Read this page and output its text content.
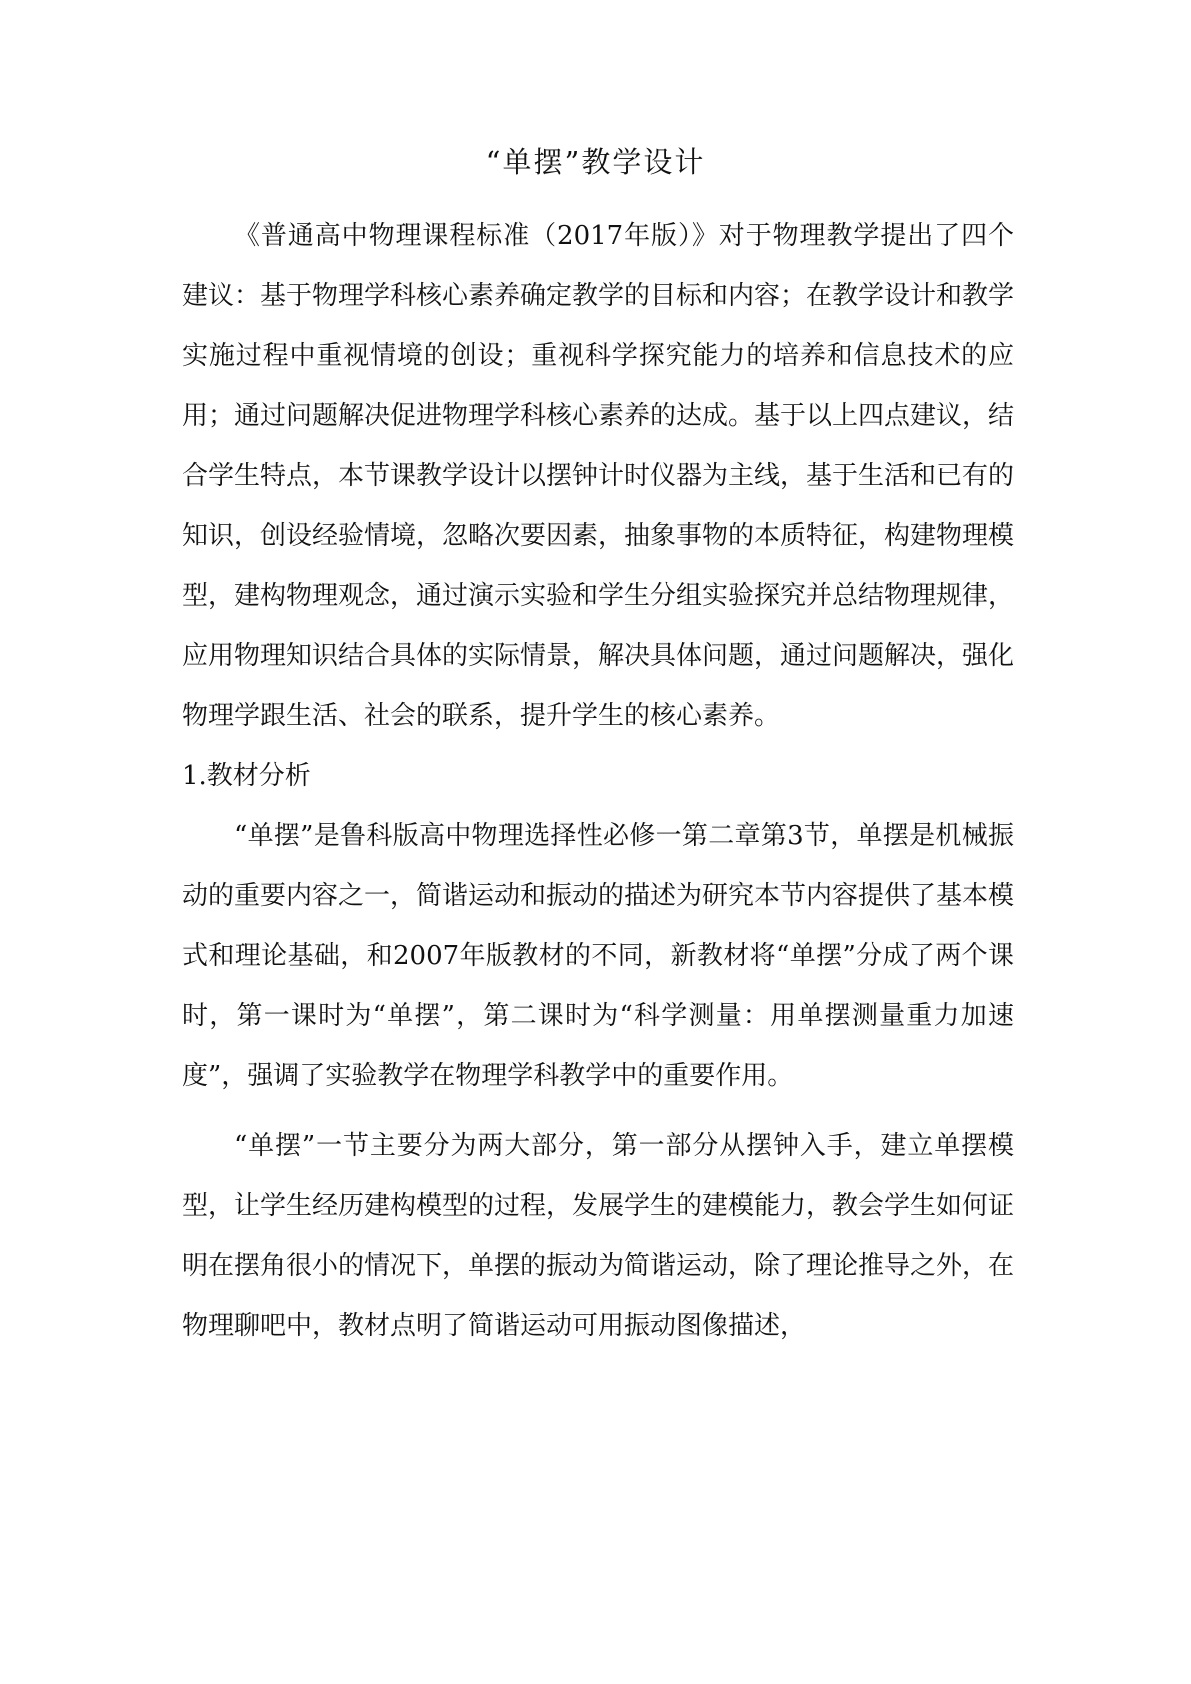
“单摆”教学设计

《普通高中物理课程标准（2017年版）》对于物理教学提出了四个建议：基于物理学科核心素养确定教学的目标和内容；在教学设计和教学实施过程中重视情境的创设；重视科学探究能力的培养和信息技术的应用；通过问题解决促进物理学科核心素养的达成。基于以上四点建议，结合学生特点，本节课教学设计以摆钟计时仪器为主线，基于生活和已有的知识，创设经验情境，忽略次要因素，抽象事物的本质特征，构建物理模型，建构物理观念，通过演示实验和学生分组实验探究并总结物理规律，应用物理知识结合具体的实际情景，解决具体问题，通过问题解决，强化物理学跟生活、社会的联系，提升学生的核心素养。

1.教材分析

“单摆”是鲁科版高中物理选择性必修一第二章第3节，单摆是机械振动的重要内容之一，简谐运动和振动的描述为研究本节内容提供了基本模式和理论基础，和2007年版教材的不同，新教材将“单摆”分成了两个课时，第一课时为“单摆”，第二课时为“科学测量：用单摆测量重力加速度”，强调了实验教学在物理学科教学中的重要作用。

“单摆”一节主要分为两大部分，第一部分从摆钟入手，建立单摆模型，让学生经历建构模型的过程，发展学生的建模能力，教会学生如何证明在摆角很小的情况下，单摆的振动为简谐运动，除了理论推导之外，在物理聊吧中，教材点明了简谐运动可用振动图像描述，
